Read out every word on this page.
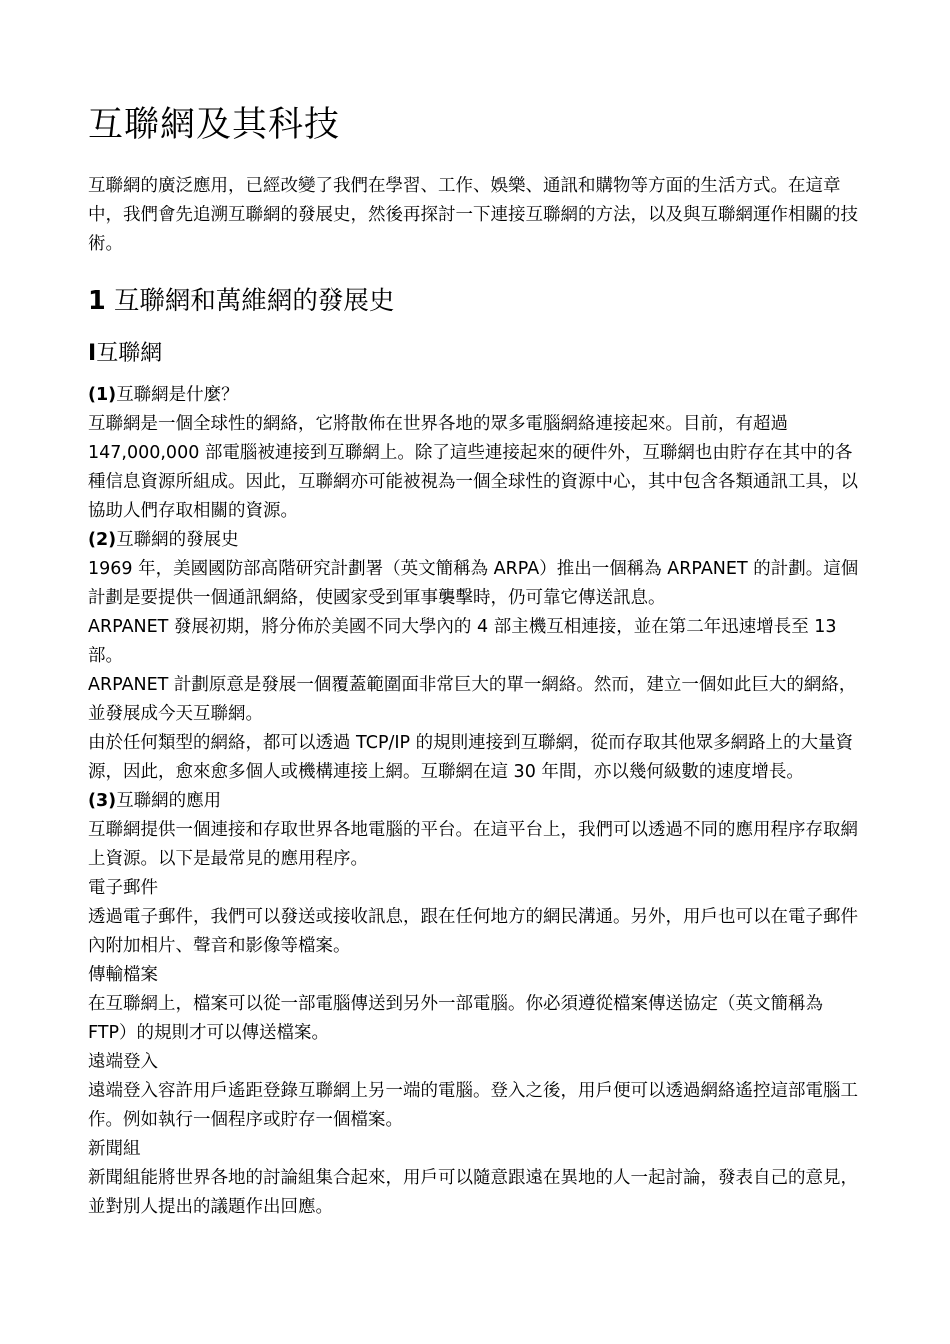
互聯網及其科技

互聯網的廣泛應用，已經改變了我們在學習、工作、娛樂、通訊和購物等方面的生活方式。在這章中，我們會先追溯互聯網的發展史，然後再探討一下連接互聯網的方法，以及與互聯網運作相關的技術。

1 互聯網和萬維網的發展史
I互聯網
(1)互聯網是什麼？

互聯網是一個全球性的網絡，它將散佈在世界各地的眾多電腦網絡連接起來。目前，有超過 147,000,000 部電腦被連接到互聯網上。除了這些連接起來的硬件外，互聯網也由貯存在其中的各種信息資源所組成。因此，互聯網亦可能被視為一個全球性的資源中心，其中包含各類通訊工具，以協助人們存取相關的資源。

(2)互聯網的發展史

1969 年，美國國防部高階研究計劃署（英文簡稱為 ARPA）推出一個稱為 ARPANET 的計劃。這個計劃是要提供一個通訊網絡，使國家受到軍事襲擊時，仍可靠它傳送訊息。

ARPANET 發展初期，將分佈於美國不同大學內的 4 部主機互相連接，並在第二年迅速增長至 13 部。

ARPANET 計劃原意是發展一個覆蓋範圍面非常巨大的單一網絡。然而，建立一個如此巨大的網絡，並發展成今天互聯網。

由於任何類型的網絡，都可以透過 TCP/IP 的規則連接到互聯網，從而存取其他眾多網路上的大量資源，因此，愈來愈多個人或機構連接上網。互聯網在這 30 年間，亦以幾何級數的速度增長。

(3)互聯網的應用

互聯網提供一個連接和存取世界各地電腦的平台。在這平台上，我們可以透過不同的應用程序存取網上資源。以下是最常見的應用程序。

電子郵件

透過電子郵件，我們可以發送或接收訊息，跟在任何地方的網民溝通。另外，用戶也可以在電子郵件內附加相片、聲音和影像等檔案。

傳輸檔案

在互聯網上，檔案可以從一部電腦傳送到另外一部電腦。你必須遵從檔案傳送協定（英文簡稱為 FTP）的規則才可以傳送檔案。

遠端登入

遠端登入容許用戶遙距登錄互聯網上另一端的電腦。登入之後，用戶便可以透過網絡遙控這部電腦工作。例如執行一個程序或貯存一個檔案。

新聞組

新聞組能將世界各地的討論組集合起來，用戶可以隨意跟遠在異地的人一起討論，發表自己的意見，並對別人提出的議題作出回應。
